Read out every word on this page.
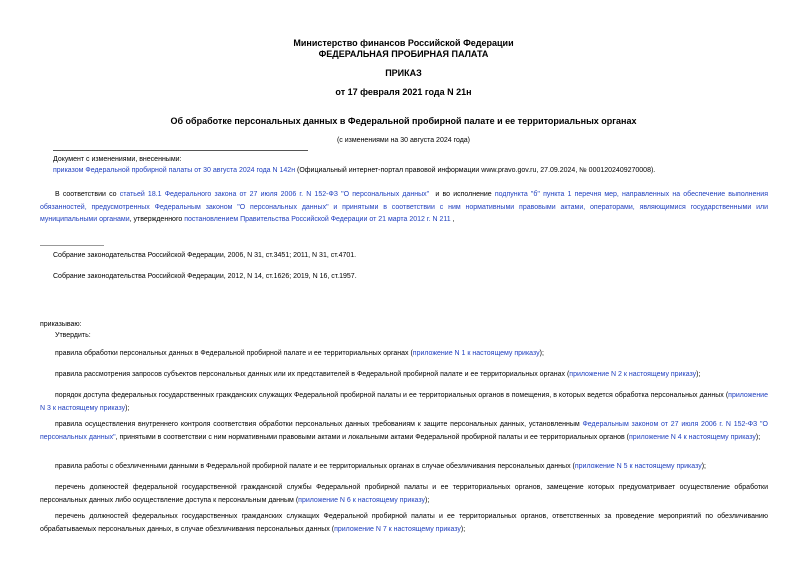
Министерство финансов Российской Федерации
ФЕДЕРАЛЬНАЯ ПРОБИРНАЯ ПАЛАТА
ПРИКАЗ
от 17 февраля 2021 года N 21н
Об обработке персональных данных в Федеральной пробирной палате и ее территориальных органах
(с изменениями на 30 августа 2024 года)
Документ с изменениями, внесенными:
приказом Федеральной пробирной палаты от 30 августа 2024 года N 142н (Официальный интернет-портал правовой информации www.pravo.gov.ru, 27.09.2024, № 0001202409270008).
В соответствии со статьей 18.1 Федерального закона от 27 июля 2006 г. N 152-ФЗ "О персональных данных"  и во исполнение подпункта "б" пункта 1 перечня мер, направленных на обеспечение выполнения обязанностей, предусмотренных Федеральным законом "О персональных данных" и принятыми в соответствии с ним нормативными правовыми актами, операторами, являющимися государственными или муниципальными органами, утвержденного постановлением Правительства Российской Федерации от 21 марта 2012 г. N 211 ,
Собрание законодательства Российской Федерации, 2006, N 31, ст.3451; 2011, N 31, ст.4701.
Собрание законодательства Российской Федерации, 2012, N 14, ст.1626; 2019, N 16, ст.1957.
приказываю:
Утвердить:
правила обработки персональных данных в Федеральной пробирной палате и ее территориальных органах (приложение N 1 к настоящему приказу);
правила рассмотрения запросов субъектов персональных данных или их представителей в Федеральной пробирной палате и ее территориальных органах (приложение N 2 к настоящему приказу);
порядок доступа федеральных государственных гражданских служащих Федеральной пробирной палаты и ее территориальных органов в помещения, в которых ведется обработка персональных данных (приложение N 3 к настоящему приказу);
правила осуществления внутреннего контроля соответствия обработки персональных данных требованиям к защите персональных данных, установленным Федеральным законом от 27 июля 2006 г. N 152-ФЗ "О персональных данных", принятыми в соответствии с ним нормативными правовыми актами и локальными актами Федеральной пробирной палаты и ее территориальных органов (приложение N 4 к настоящему приказу);
правила работы с обезличенными данными в Федеральной пробирной палате и ее территориальных органах в случае обезличивания персональных данных (приложение N 5 к настоящему приказу);
перечень должностей федеральной государственной гражданской службы Федеральной пробирной палаты и ее территориальных органов, замещение которых предусматривает осуществление обработки персональных данных либо осуществление доступа к персональным данным (приложение N 6 к настоящему приказу);
перечень должностей федеральных государственных гражданских служащих Федеральной пробирной палаты и ее территориальных органов, ответственных за проведение мероприятий по обезличиванию обрабатываемых персональных данных, в случае обезличивания персональных данных (приложение N 7 к настоящему приказу);
